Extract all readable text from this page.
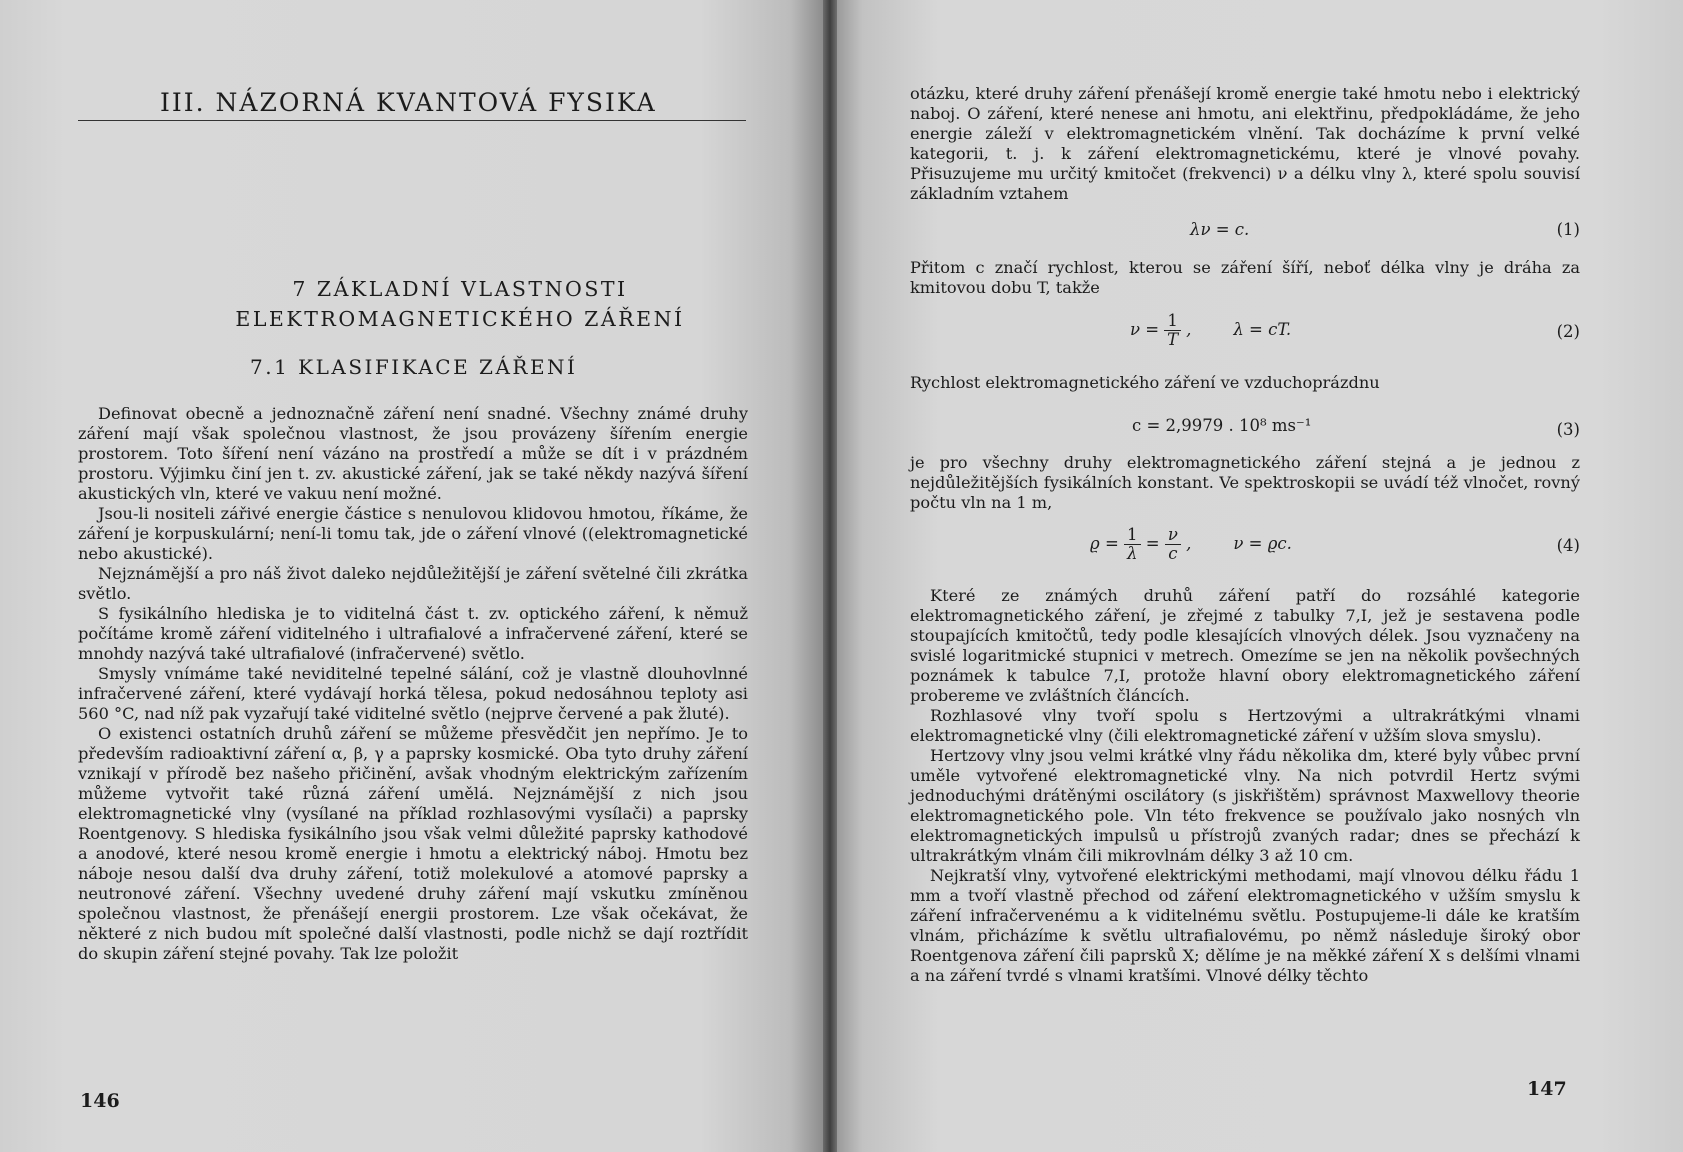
III. NÁZORNÁ KVANTOVÁ FYSIKA
7 ZÁKLADNÍ VLASTNOSTI
ELEKTROMAGNETICKÉHO ZÁŘENÍ
7.1 KLASIFIKACE ZÁŘENÍ

Definovat obecně a jednoznačně záření není snadné. Všechny známé druhy záření mají však společnou vlastnost, že jsou provázeny šířením energie prostorem. Toto šíření není vázáno na prostředí a může se dít i v prázdném prostoru. Výjimku činí jen t. zv. akustické záření, jak se také někdy nazývá šíření akustických vln, které ve vakuu není možné.

Jsou-li nositeli zářivé energie částice s nenulovou klidovou hmotou, říkáme, že záření je korpuskulární; není-li tomu tak, jde o záření vlnové ((elektromagnetické nebo akustické).

Nejznámější a pro náš život daleko nejdůležitější je záření světelné čili zkrátka světlo.

S fysikálního hlediska je to viditelná část t. zv. optického záření, k němuž počítáme kromě záření viditelného i ultrafialové a infračervené záření, které se mnohdy nazývá také ultrafialové (infračervené) světlo.

Smysly vnímáme také neviditelné tepelné sálání, což je vlastně dlouhovlnné infračervené záření, které vydávají horká tělesa, pokud nedosáhnou teploty asi 560 °C, nad níž pak vyzařují také viditelné světlo (nejprve červené a pak žluté).

O existenci ostatních druhů záření se můžeme přesvědčit jen nepřímo. Je to především radioaktivní záření α, β, γ a paprsky kosmické. Oba tyto druhy záření vznikají v přírodě bez našeho přičinění, avšak vhodným elektrickým zařízením můžeme vytvořit také různá záření umělá. Nejznámější z nich jsou elektromagnetické vlny (vysílané na příklad rozhlasovými vysílači) a paprsky Roentgenovy. S hlediska fysikálního jsou však velmi důležité paprsky kathodové a anodové, které nesou kromě energie i hmotu a elektrický náboj. Hmotu bez náboje nesou další dva druhy záření, totiž molekulové a atomové paprsky a neutronové záření. Všechny uvedené druhy záření mají vskutku zmíněnou společnou vlastnost, že přenášejí energii prostorem. Lze však očekávat, že některé z nich budou mít společné další vlastnosti, podle nichž se dají roztřídit do skupin záření stejné povahy. Tak lze položit

146

otázku, které druhy záření přenášejí kromě energie také hmotu nebo i elektrický naboj. O záření, které nenese ani hmotu, ani elektřinu, předpokládáme, že jeho energie záleží v elektromagnetickém vlnění. Tak docházíme k první velké kategorii, t. j. k záření elektromagnetickému, které je vlnové povahy. Přisuzujeme mu určitý kmitočet (frekvenci) ν a délku vlny λ, které spolu souvisí základním vztahem

λν = c.	(1)

Přitom c značí rychlost, kterou se záření šíří, neboť délka vlny je dráha za kmitovou dobu T, takže

$\nu = \frac{1}{T}$ ,        λ = cT.	(2)

Rychlost elektromagnetického záření ve vzduchoprázdnu

c = 2,9979 . 10⁸ ms⁻¹	(3)

je pro všechny druhy elektromagnetického záření stejná a je jednou z nejdůležitějších fysikálních konstant. Ve spektroskopii se uvádí též vlnočet, rovný počtu vln na 1 m,

$ϱ = \frac{1}{\lambda} = \frac{\nu}{c}$ ,        ν = ϱc.	(4)

Které ze známých druhů záření patří do rozsáhlé kategorie elektromagnetického záření, je zřejmé z tabulky 7,I, jež je sestavena podle stoupajících kmitočtů, tedy podle klesajících vlnových délek. Jsou vyznačeny na svislé logaritmické stupnici v metrech. Omezíme se jen na několik povšechných poznámek k tabulce 7,I, protože hlavní obory elektromagnetického záření probereme ve zvláštních článcích.

Rozhlasové vlny tvoří spolu s Hertzovými a ultrakrátkými vlnami elektromagnetické vlny (čili elektromagnetické záření v užším slova smyslu).

Hertzovy vlny jsou velmi krátké vlny řádu několika dm, které byly vůbec první uměle vytvořené elektromagnetické vlny. Na nich potvrdil Hertz svými jednoduchými drátěnými oscilátory (s jiskřištěm) správnost Maxwellovy theorie elektromagnetického pole. Vln této frekvence se používalo jako nosných vln elektromagnetických impulsů u přístrojů zvaných radar; dnes se přechází k ultrakrátkým vlnám čili mikrovlnám délky 3 až 10 cm.

Nejkratší vlny, vytvořené elektrickými methodami, mají vlnovou délku řádu 1 mm a tvoří vlastně přechod od záření elektromagnetického v užším smyslu k záření infračervenému a k viditelnému světlu. Postupujeme-li dále ke kratším vlnám, přicházíme k světlu ultrafialovému, po němž následuje široký obor Roentgenova záření čili paprsků X; dělíme je na měkké záření X s delšími vlnami a na záření tvrdé s vlnami kratšími. Vlnové délky těchto

147
